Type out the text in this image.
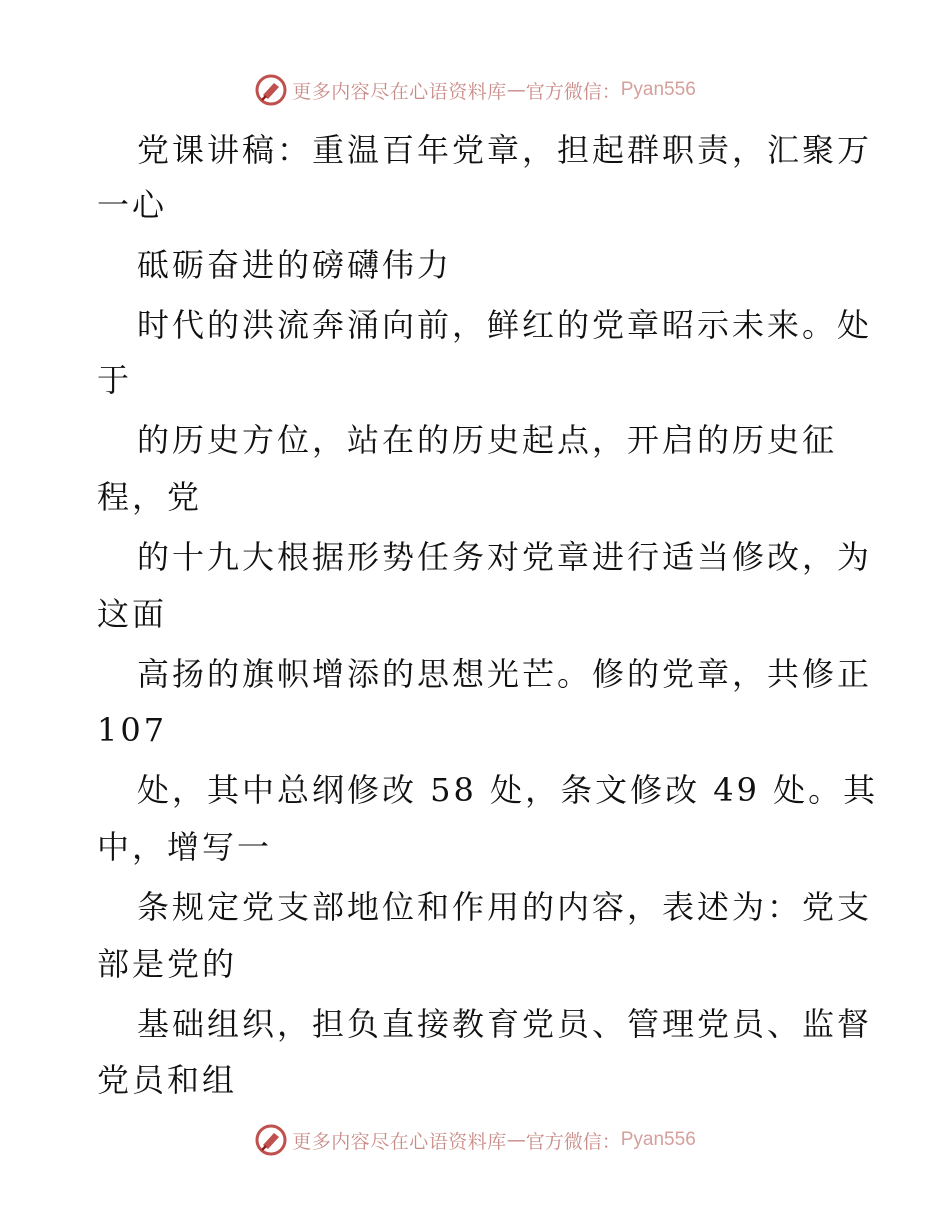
更多内容尽在心语资料库 — 官方微信： Pyan556
党课讲稿：重温百年党章，担起群职责，汇聚万
一心
砥砺奋进的磅礴伟力
时代的洪流奔涌向前，鲜红的党章昭示未来。处
于
的历史方位，站在的历史起点，开启的历史征
程，党
的十九大根据形势任务对党章进行适当修改，为
这面
高扬的旗帜增添的思想光芒。修的党章，共修正
107
处，其中总纲修改 58 处，条文修改 49 处。其
中，增写一
条规定党支部地位和作用的内容，表述为：党支
部是党的
基础组织，担负直接教育党员、管理党员、监督
党员和组
更多内容尽在心语资料库 — 官方微信： Pyan556
